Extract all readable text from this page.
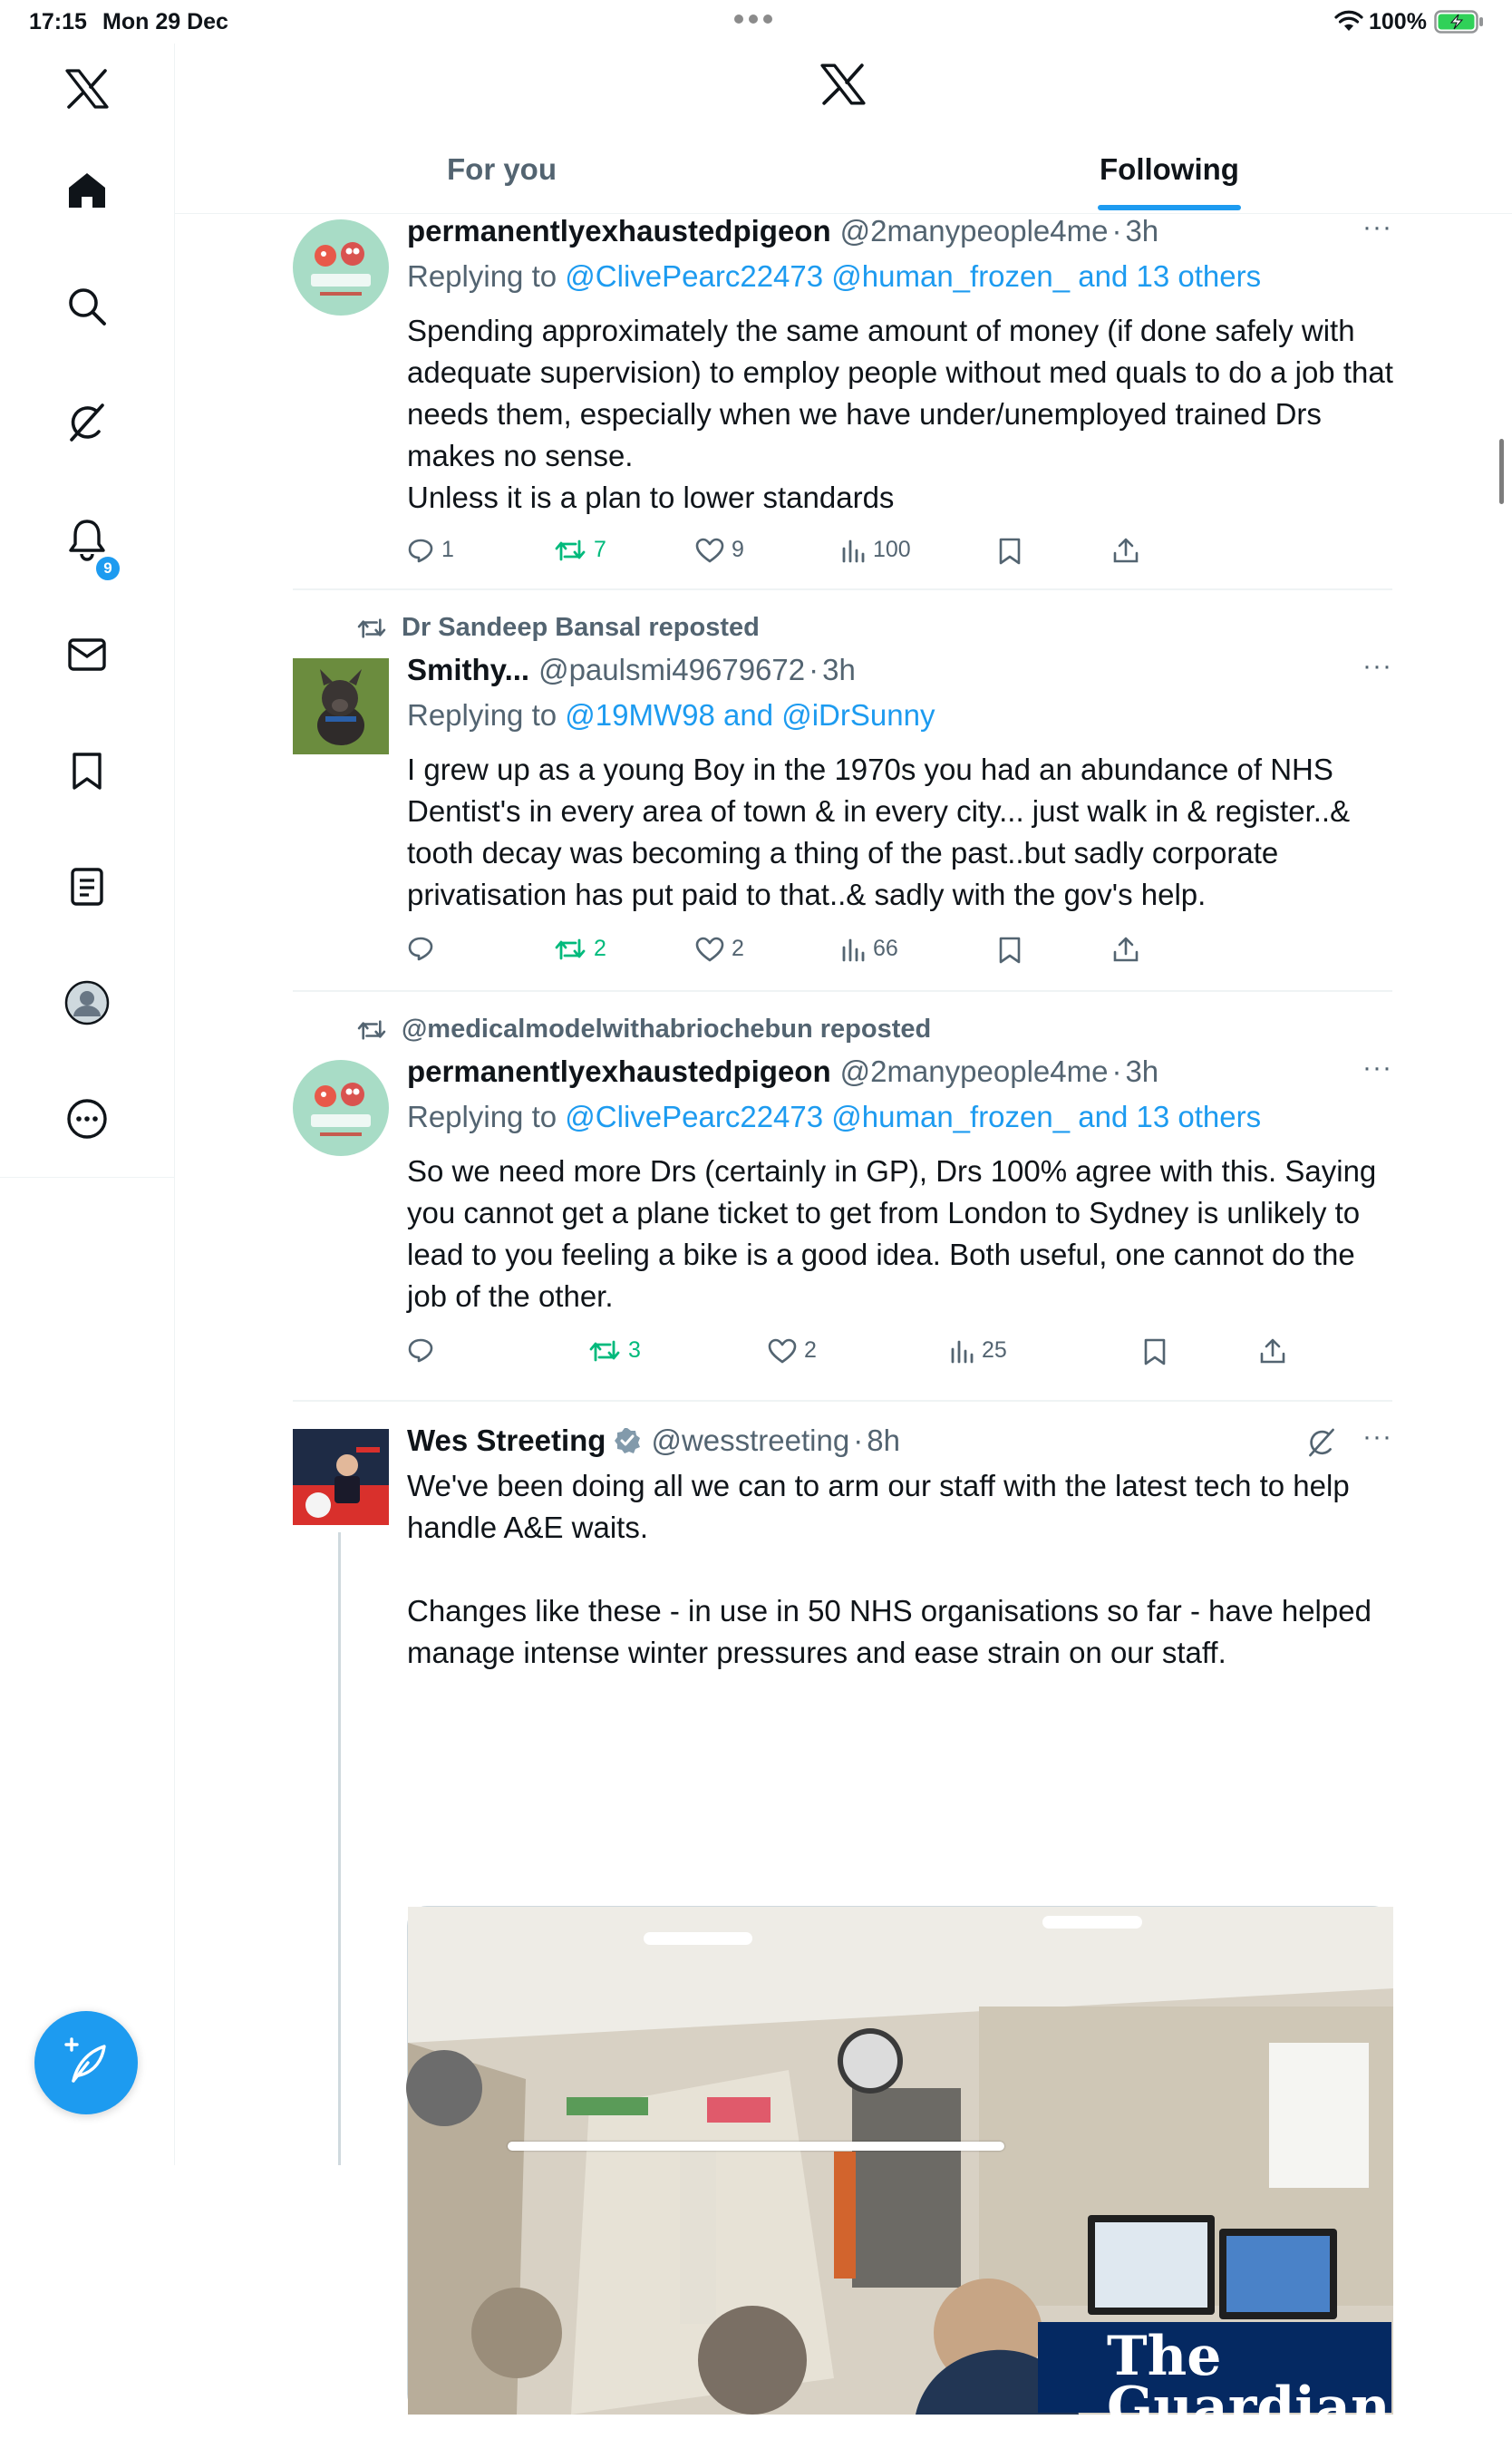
17:15 Mon 29 Dec	100%
9
For you	Following
permanentlyexhaustedpigeon @2manypeople4me · 3h	···
Replying to @ClivePearc22473 @human_frozen_ and 13 others
Spending approximately the same amount of money (if done safely with adequate supervision) to employ people without med quals to do a job that needs them, especially when we have under/unemployed trained Drs makes no sense.
Unless it is a plan to lower standards
1	7	9	100
Dr Sandeep Bansal reposted
Smithy... @paulsmi49679672 · 3h	···
Replying to @19MW98 and @iDrSunny
I grew up as a young Boy in the 1970s you had an abundance of NHS Dentist's in every area of town & in every city... just walk in & register..& tooth decay was becoming a thing of the past..but sadly corporate privatisation has put paid to that..& sadly with the gov's help.
2	2	66
@medicalmodelwithabriochebun reposted
permanentlyexhaustedpigeon @2manypeople4me · 3h	···
Replying to @ClivePearc22473 @human_frozen_ and 13 others
So we need more Drs (certainly in GP), Drs 100% agree with this. Saying you cannot get a plane ticket to get from London to Sydney is unlikely to lead to you feeling a bike is a good idea. Both useful, one cannot do the job of the other.
3	2	25
Wes Streeting @wesstreeting · 8h	···
We've been doing all we can to arm our staff with the latest tech to help handle A&E waits.

Changes like these - in use in 50 NHS organisations so far - have helped manage intense winter pressures and ease strain on our staff.
The
Guardian
